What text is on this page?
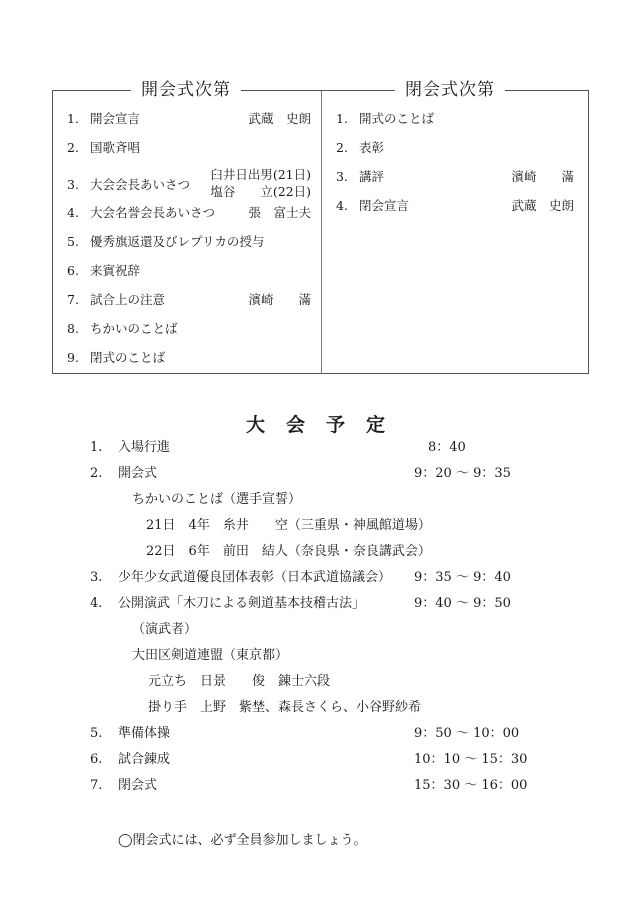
開会式次第	閉会式次第
1. 開会宣言	武蔵　史朗
2. 国歌斉唱
3. 大会会長あいさつ
臼井日出男(21日)
塩谷　　立(22日)
4. 大会名誉会長あいさつ	張　富士夫
5. 優秀旗返還及びレプリカの授与
6. 来賓祝辞
7. 試合上の注意	濱崎　　滿
8. ちかいのことば
9. 閉式のことば
1. 開式のことば
2. 表彰
3. 講評	濱崎　　滿
4. 閉会宣言	武蔵　史朗
大会予定
1. 入場行進	8：40
2. 開会式	9：20 ～ 9：35
ちかいのことば（選手宣誓）
21日　4年　糸井　　空（三重県・神風館道場）
22日　6年　前田　結人（奈良県・奈良講武会）
3. 少年少女武道優良団体表彰（日本武道協議会） 9：35 ～ 9：40
4. 公開演武「木刀による剣道基本技稽古法」	9：40 ～ 9：50
（演武者）
大田区剣道連盟（東京都）
元立ち　日景　　俊　錬士六段
掛り手　上野　紫埜、森長さくら、小谷野紗希
5. 準備体操	9：50 ～ 10：00
6. 試合錬成	10：10 ～ 15：30
7. 閉会式	15：30 ～ 16：00
◯閉会式には、必ず全員参加しましょう。
